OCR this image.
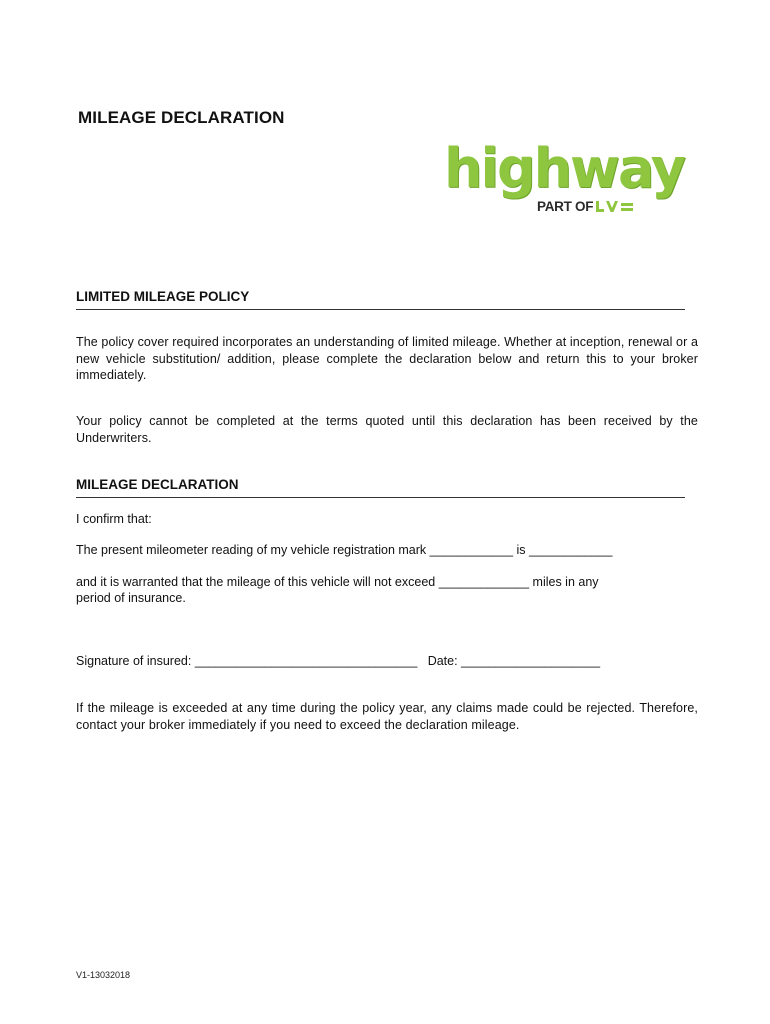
MILEAGE DECLARATION
highway
PART OF
LIMITED MILEAGE POLICY
The policy cover required incorporates an understanding of limited mileage. Whether at inception, renewal or a new vehicle substitution/ addition, please complete the declaration below and return this to your broker immediately.
Your policy cannot be completed at the terms quoted until this declaration has been received by the Underwriters.
MILEAGE DECLARATION
I confirm that:
The present mileometer reading of my vehicle registration mark ____________ is ____________
and it is warranted that the mileage of this vehicle will not exceed _____________ miles in any
period of insurance.
Signature of insured: ________________________________   Date: ____________________
If the mileage is exceeded at any time during the policy year, any claims made could be rejected. Therefore, contact your broker immediately if you need to exceed the declaration mileage.
V1-13032018
